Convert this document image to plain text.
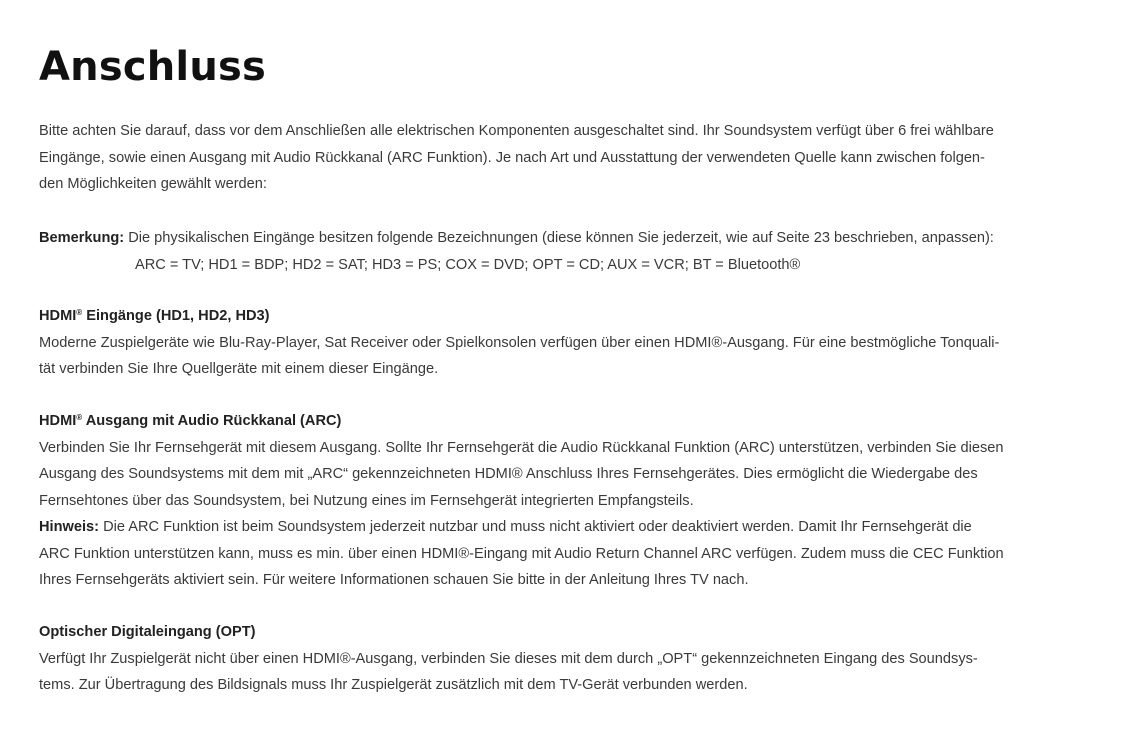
Anschluss
Bitte achten Sie darauf, dass vor dem Anschließen alle elektrischen Komponenten ausgeschaltet sind. Ihr Soundsystem verfügt über 6 frei wählbare
Eingänge, sowie einen Ausgang mit Audio Rückkanal (ARC Funktion). Je nach Art und Ausstattung der verwendeten Quelle kann zwischen folgen-
den Möglichkeiten gewählt werden:
Bemerkung: Die physikalischen Eingänge besitzen folgende Bezeichnungen (diese können Sie jederzeit, wie auf Seite 23 beschrieben, anpassen):
ARC = TV; HD1 = BDP; HD2 = SAT; HD3 = PS; COX = DVD; OPT = CD; AUX = VCR; BT = Bluetooth®
HDMI® Eingänge (HD1, HD2, HD3)
Moderne Zuspielgeräte wie Blu-Ray-Player, Sat Receiver oder Spielkonsolen verfügen über einen HDMI®-Ausgang. Für eine bestmögliche Tonquali-
tät verbinden Sie Ihre Quellgeräte mit einem dieser Eingänge.
HDMI® Ausgang mit Audio Rückkanal (ARC)
Verbinden Sie Ihr Fernsehgerät mit diesem Ausgang. Sollte Ihr Fernsehgerät die Audio Rückkanal Funktion (ARC) unterstützen, verbinden Sie diesen
Ausgang des Soundsystems mit dem mit „ARC“ gekennzeichneten HDMI® Anschluss Ihres Fernsehgerätes. Dies ermöglicht die Wiedergabe des
Fernsehtones über das Soundsystem, bei Nutzung eines im Fernsehgerät integrierten Empfangsteils.
Hinweis: Die ARC Funktion ist beim Soundsystem jederzeit nutzbar und muss nicht aktiviert oder deaktiviert werden. Damit Ihr Fernsehgerät die
ARC Funktion unterstützen kann, muss es min. über einen HDMI®-Eingang mit Audio Return Channel ARC verfügen. Zudem muss die CEC Funktion
Ihres Fernsehgeräts aktiviert sein. Für weitere Informationen schauen Sie bitte in der Anleitung Ihres TV nach.
Optischer Digitaleingang (OPT)
Verfügt Ihr Zuspielgerät nicht über einen HDMI®-Ausgang, verbinden Sie dieses mit dem durch „OPT“ gekennzeichneten Eingang des Soundsys-
tems. Zur Übertragung des Bildsignals muss Ihr Zuspielgerät zusätzlich mit dem TV-Gerät verbunden werden.
